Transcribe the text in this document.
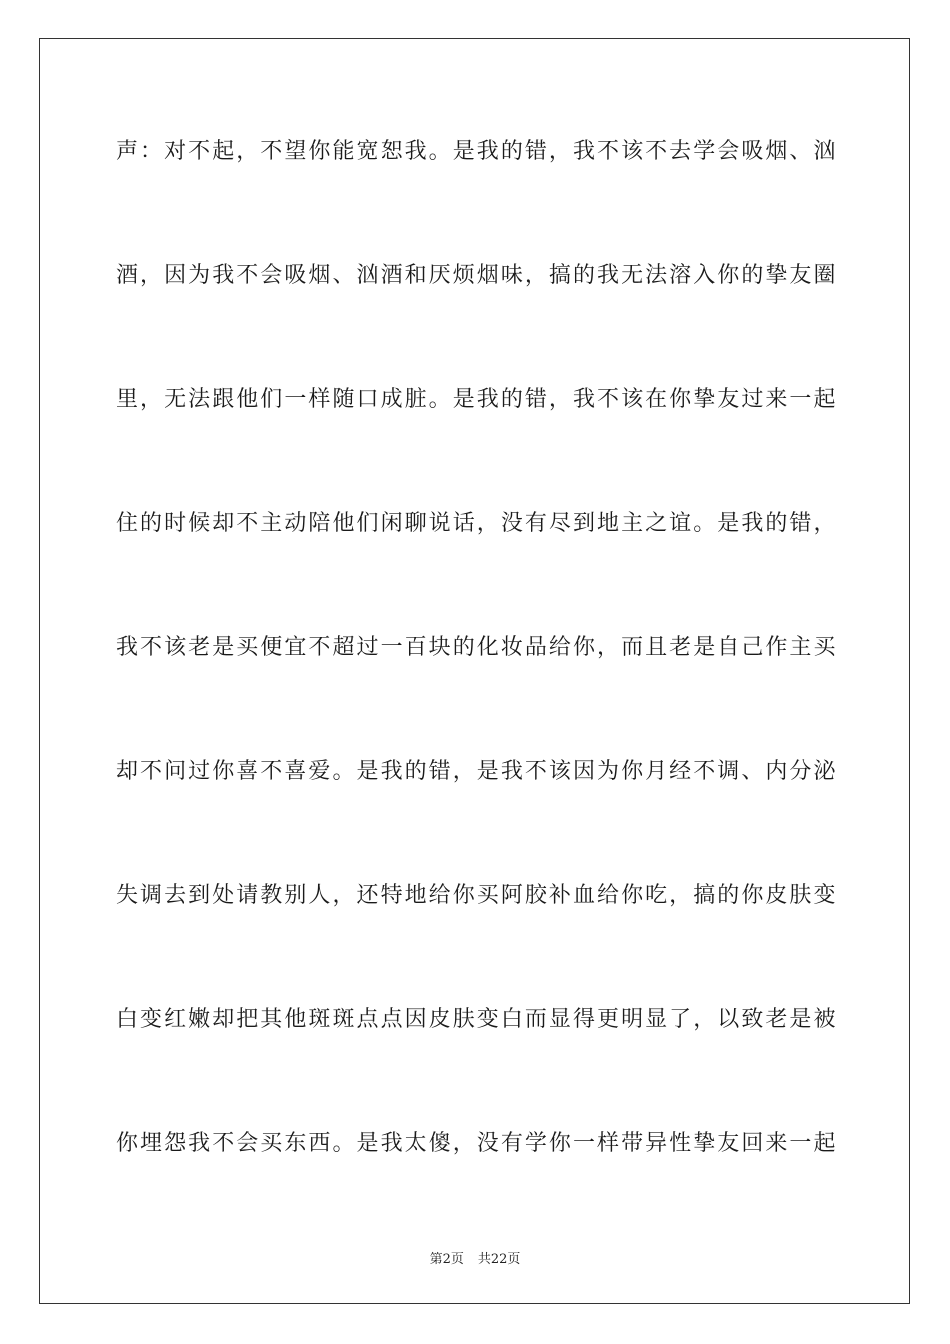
声：对不起，不望你能宽恕我。是我的错，我不该不去学会吸烟、汹
酒，因为我不会吸烟、汹酒和厌烦烟味，搞的我无法溶入你的挚友圈
里，无法跟他们一样随口成脏。是我的错，我不该在你挚友过来一起
住的时候却不主动陪他们闲聊说话，没有尽到地主之谊。是我的错，
我不该老是买便宜不超过一百块的化妆品给你，而且老是自己作主买
却不问过你喜不喜爱。是我的错，是我不该因为你月经不调、内分泌
失调去到处请教别人，还特地给你买阿胶补血给你吃，搞的你皮肤变
白变红嫩却把其他斑斑点点因皮肤变白而显得更明显了，以致老是被
你埋怨我不会买东西。是我太傻，没有学你一样带异性挚友回来一起
第2页 共22页
